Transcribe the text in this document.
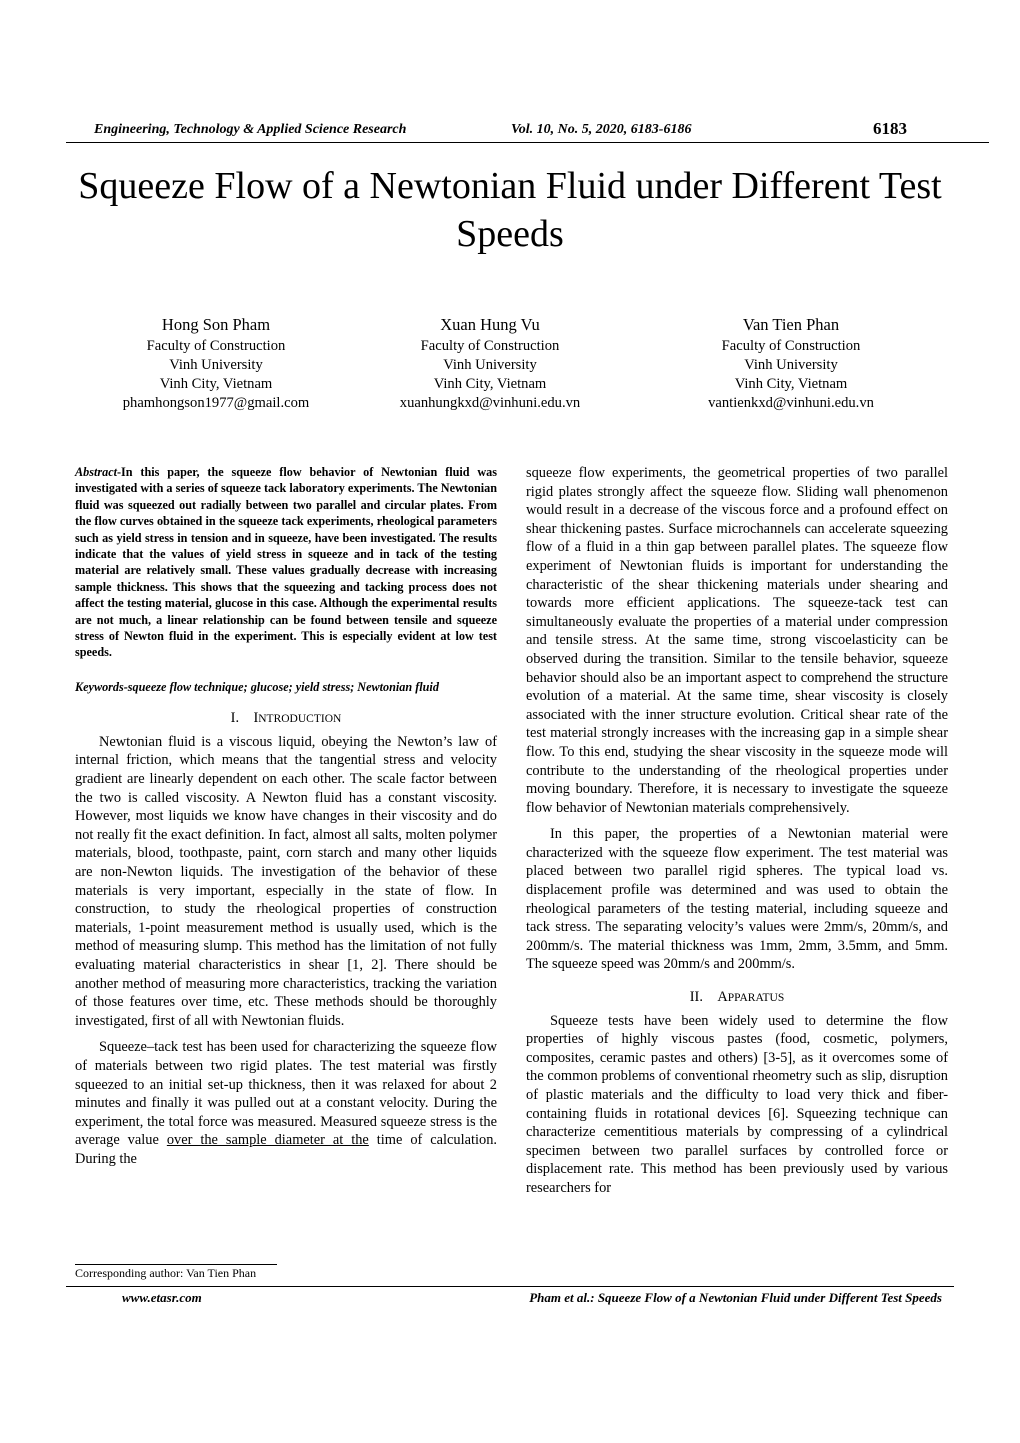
Engineering, Technology & Applied Science Research	Vol. 10, No. 5, 2020, 6183-6186	6183
Squeeze Flow of a Newtonian Fluid under Different Test Speeds
Hong Son Pham
Faculty of Construction
Vinh University
Vinh City, Vietnam
phamhongson1977@gmail.com
Xuan Hung Vu
Faculty of Construction
Vinh University
Vinh City, Vietnam
xuanhungkxd@vinhuni.edu.vn
Van Tien Phan
Faculty of Construction
Vinh University
Vinh City, Vietnam
vantienkxd@vinhuni.edu.vn

Abstract-In this paper, the squeeze flow behavior of Newtonian fluid was investigated with a series of squeeze tack laboratory experiments. The Newtonian fluid was squeezed out radially between two parallel and circular plates. From the flow curves obtained in the squeeze tack experiments, rheological parameters such as yield stress in tension and in squeeze, have been investigated. The results indicate that the values of yield stress in squeeze and in tack of the testing material are relatively small. These values gradually decrease with increasing sample thickness. This shows that the squeezing and tacking process does not affect the testing material, glucose in this case. Although the experimental results are not much, a linear relationship can be found between tensile and squeeze stress of Newton fluid in the experiment. This is especially evident at low test speeds.

Keywords-squeeze flow technique; glucose; yield stress; Newtonian fluid

I. INTRODUCTION

Newtonian fluid is a viscous liquid, obeying the Newton’s law of internal friction, which means that the tangential stress and velocity gradient are linearly dependent on each other. The scale factor between the two is called viscosity. A Newton fluid has a constant viscosity. However, most liquids we know have changes in their viscosity and do not really fit the exact definition. In fact, almost all salts, molten polymer materials, blood, toothpaste, paint, corn starch and many other liquids are non-Newton liquids. The investigation of the behavior of these materials is very important, especially in the state of flow. In construction, to study the rheological properties of construction materials, 1-point measurement method is usually used, which is the method of measuring slump. This method has the limitation of not fully evaluating material characteristics in shear [1, 2]. There should be another method of measuring more characteristics, tracking the variation of those features over time, etc. These methods should be thoroughly investigated, first of all with Newtonian fluids.

Squeeze–tack test has been used for characterizing the squeeze flow of materials between two rigid plates. The test material was firstly squeezed to an initial set-up thickness, then it was relaxed for about 2 minutes and finally it was pulled out at a constant velocity. During the experiment, the total force was measured. Measured squeeze stress is the average value over the sample diameter at the time of calculation. During the

squeeze flow experiments, the geometrical properties of two parallel rigid plates strongly affect the squeeze flow. Sliding wall phenomenon would result in a decrease of the viscous force and a profound effect on shear thickening pastes. Surface microchannels can accelerate squeezing flow of a fluid in a thin gap between parallel plates. The squeeze flow experiment of Newtonian fluids is important for understanding the characteristic of the shear thickening materials under shearing and towards more efficient applications. The squeeze-tack test can simultaneously evaluate the properties of a material under compression and tensile stress. At the same time, strong viscoelasticity can be observed during the transition. Similar to the tensile behavior, squeeze behavior should also be an important aspect to comprehend the structure evolution of a material. At the same time, shear viscosity is closely associated with the inner structure evolution. Critical shear rate of the test material strongly increases with the increasing gap in a simple shear flow. To this end, studying the shear viscosity in the squeeze mode will contribute to the understanding of the rheological properties under moving boundary. Therefore, it is necessary to investigate the squeeze flow behavior of Newtonian materials comprehensively.

In this paper, the properties of a Newtonian material were characterized with the squeeze flow experiment. The test material was placed between two parallel rigid spheres. The typical load vs. displacement profile was determined and was used to obtain the rheological parameters of the testing material, including squeeze and tack stress. The separating velocity’s values were 2mm/s, 20mm/s, and 200mm/s. The material thickness was 1mm, 2mm, 3.5mm, and 5mm. The squeeze speed was 20mm/s and 200mm/s.

II. APPARATUS

Squeeze tests have been widely used to determine the flow properties of highly viscous pastes (food, cosmetic, polymers, composites, ceramic pastes and others) [3-5], as it overcomes some of the common problems of conventional rheometry such as slip, disruption of plastic materials and the difficulty to load very thick and fiber-containing fluids in rotational devices [6]. Squeezing technique can characterize cementitious materials by compressing of a cylindrical specimen between two parallel surfaces by controlled force or displacement rate. This method has been previously used by various researchers for

Corresponding author: Van Tien Phan
www.etasr.com	Pham et al.: Squeeze Flow of a Newtonian Fluid under Different Test Speeds
